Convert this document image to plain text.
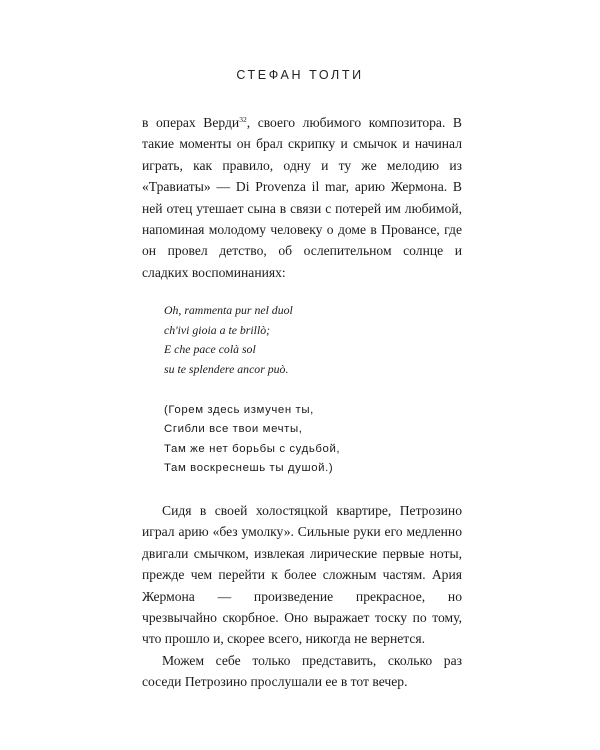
СТЕФАН ТОЛТИ

в операх Верди$^{32}$, своего любимого композитора. В такие моменты он брал скрипку и смычок и начинал играть, как правило, одну и ту же мелодию из «Травиаты» — Di Provenza il mar, арию Жермона. В ней отец утешает сына в связи с потерей им любимой, напоминая молодому человеку о доме в Провансе, где он провел детство, об ослепительном солнце и сладких воспоминаниях:

Oh, rammenta pur nel duol
ch'ivi gioia a te brillò;
E che pace colà sol
su te splendere ancor può.
(Горем здесь измучен ты,
Сгибли все твои мечты,
Там же нет борьбы с судьбой,
Там воскреснешь ты душой.)

Сидя в своей холостяцкой квартире, Петрозино играл арию «без умолку». Сильные руки его медленно двигали смычком, извлекая лирические первые ноты, прежде чем перейти к более сложным частям. Ария Жермона — произведение прекрасное, но чрезвычайно скорбное. Оно выражает тоску по тому, что прошло и, скорее всего, никогда не вернется.

Можем себе только представить, сколько раз соседи Петрозино прослушали ее в тот вечер.
